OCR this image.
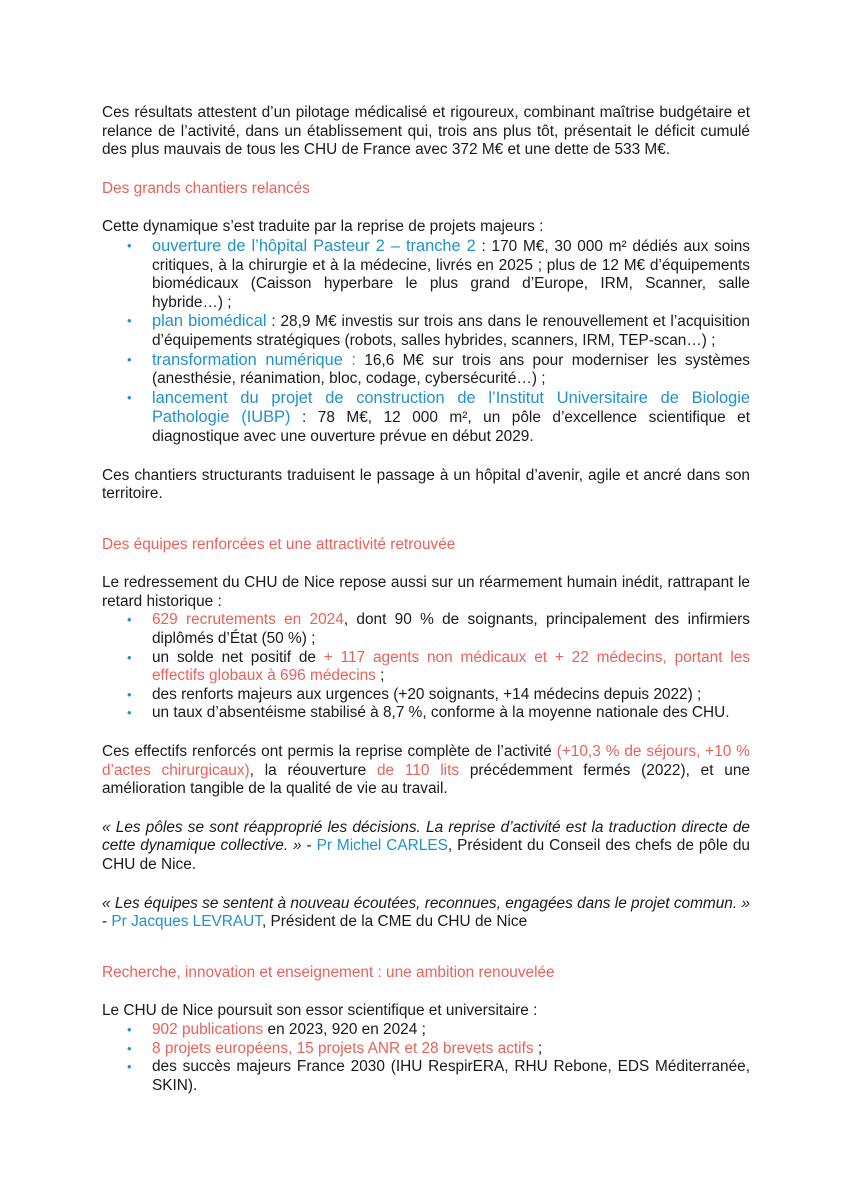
Ces résultats attestent d’un pilotage médicalisé et rigoureux, combinant maîtrise budgétaire et relance de l’activité, dans un établissement qui, trois ans plus tôt, présentait le déficit cumulé des plus mauvais de tous les CHU de France avec 372 M€ et une dette de 533 M€.

Des grands chantiers relancés

Cette dynamique s’est traduite par la reprise de projets majeurs :

• ouverture de l’hôpital Pasteur 2 – tranche 2 : 170 M€, 30 000 m² dédiés aux soins critiques, à la chirurgie et à la médecine, livrés en 2025 ; plus de 12 M€ d’équipements biomédicaux (Caisson hyperbare le plus grand d’Europe, IRM, Scanner, salle hybride…) ;
• plan biomédical : 28,9 M€ investis sur trois ans dans le renouvellement et l’acquisition d’équipements stratégiques (robots, salles hybrides, scanners, IRM, TEP-scan…) ;
• transformation numérique : 16,6 M€ sur trois ans pour moderniser les systèmes (anesthésie, réanimation, bloc, codage, cybersécurité…) ;
• lancement du projet de construction de l’Institut Universitaire de Biologie Pathologie (IUBP) : 78 M€, 12 000 m², un pôle d’excellence scientifique et diagnostique avec une ouverture prévue en début 2029.

Ces chantiers structurants traduisent le passage à un hôpital d’avenir, agile et ancré dans son territoire.

Des équipes renforcées et une attractivité retrouvée

Le redressement du CHU de Nice repose aussi sur un réarmement humain inédit, rattrapant le retard historique :

• 629 recrutements en 2024, dont 90 % de soignants, principalement des infirmiers diplômés d’État (50 %) ;
• un solde net positif de + 117 agents non médicaux et + 22 médecins, portant les effectifs globaux à 696 médecins ;
• des renforts majeurs aux urgences (+20 soignants, +14 médecins depuis 2022) ;
• un taux d’absentéisme stabilisé à 8,7 %, conforme à la moyenne nationale des CHU.

Ces effectifs renforcés ont permis la reprise complète de l’activité (+10,3 % de séjours, +10 % d’actes chirurgicaux), la réouverture de 110 lits précédemment fermés (2022), et une amélioration tangible de la qualité de vie au travail.

« Les pôles se sont réapproprié les décisions. La reprise d’activité est la traduction directe de cette dynamique collective. » - Pr Michel CARLES, Président du Conseil des chefs de pôle du CHU de Nice.

« Les équipes se sentent à nouveau écoutées, reconnues, engagées dans le projet commun. » - Pr Jacques LEVRAUT, Président de la CME du CHU de Nice

Recherche, innovation et enseignement : une ambition renouvelée

Le CHU de Nice poursuit son essor scientifique et universitaire :

• 902 publications en 2023, 920 en 2024 ;
• 8 projets européens, 15 projets ANR et 28 brevets actifs ;
• des succès majeurs France 2030 (IHU RespirERA, RHU Rebone, EDS Méditerranée, SKIN).
